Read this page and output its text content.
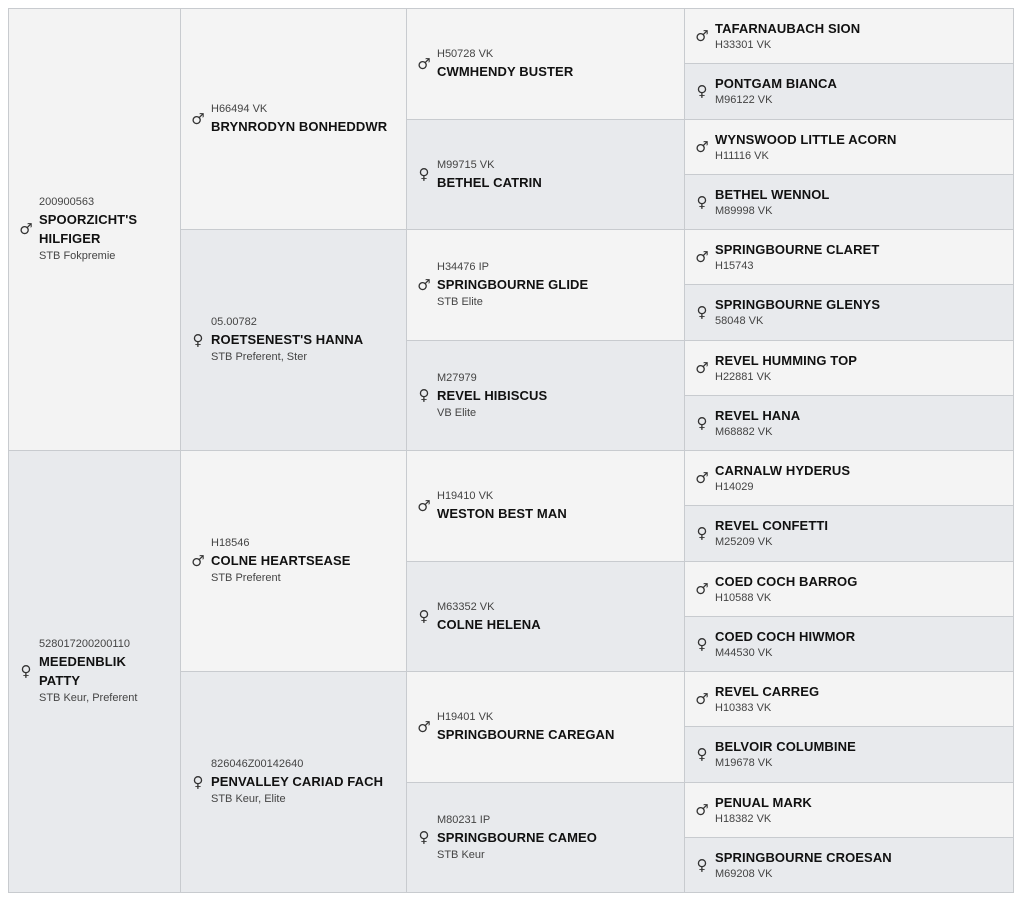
♂
200900563
SPOORZICHT'S HILFIGER
STB Fokpremie
♀
528017200200110
MEEDENBLIK PATTY
STB Keur, Preferent
♂
H66494 VK
BRYNRODYN BONHEDDWR
♀
05.00782
ROETSENEST'S HANNA
STB Preferent, Ster
♂
H18546
COLNE HEARTSEASE
STB Preferent
♀
826046Z00142640
PENVALLEY CARIAD FACH
STB Keur, Elite
♂
H50728 VK
CWMHENDY BUSTER
♀
M99715 VK
BETHEL CATRIN
♂
H34476 IP
SPRINGBOURNE GLIDE
STB Elite
♀
M27979
REVEL HIBISCUS
VB Elite
♂
H19410 VK
WESTON BEST MAN
♀
M63352 VK
COLNE HELENA
♂
H19401 VK
SPRINGBOURNE CAREGAN
♀
M80231 IP
SPRINGBOURNE CAMEO
STB Keur
♂ TAFARNAUBACH SION
H33301 VK
♀ PONTGAM BIANCA
M96122 VK
♂ WYNSWOOD LITTLE ACORN
H11116 VK
♀ BETHEL WENNOL
M89998 VK
♂ SPRINGBOURNE CLARET
H15743
♀ SPRINGBOURNE GLENYS
58048 VK
♂ REVEL HUMMING TOP
H22881 VK
♀ REVEL HANA
M68882 VK
♂ CARNALW HYDERUS
H14029
♀ REVEL CONFETTI
M25209 VK
♂ COED COCH BARROG
H10588 VK
♀ COED COCH HIWMOR
M44530 VK
♂ REVEL CARREG
H10383 VK
♀ BELVOIR COLUMBINE
M19678 VK
♂ PENUAL MARK
H18382 VK
♀ SPRINGBOURNE CROESAN
M69208 VK
